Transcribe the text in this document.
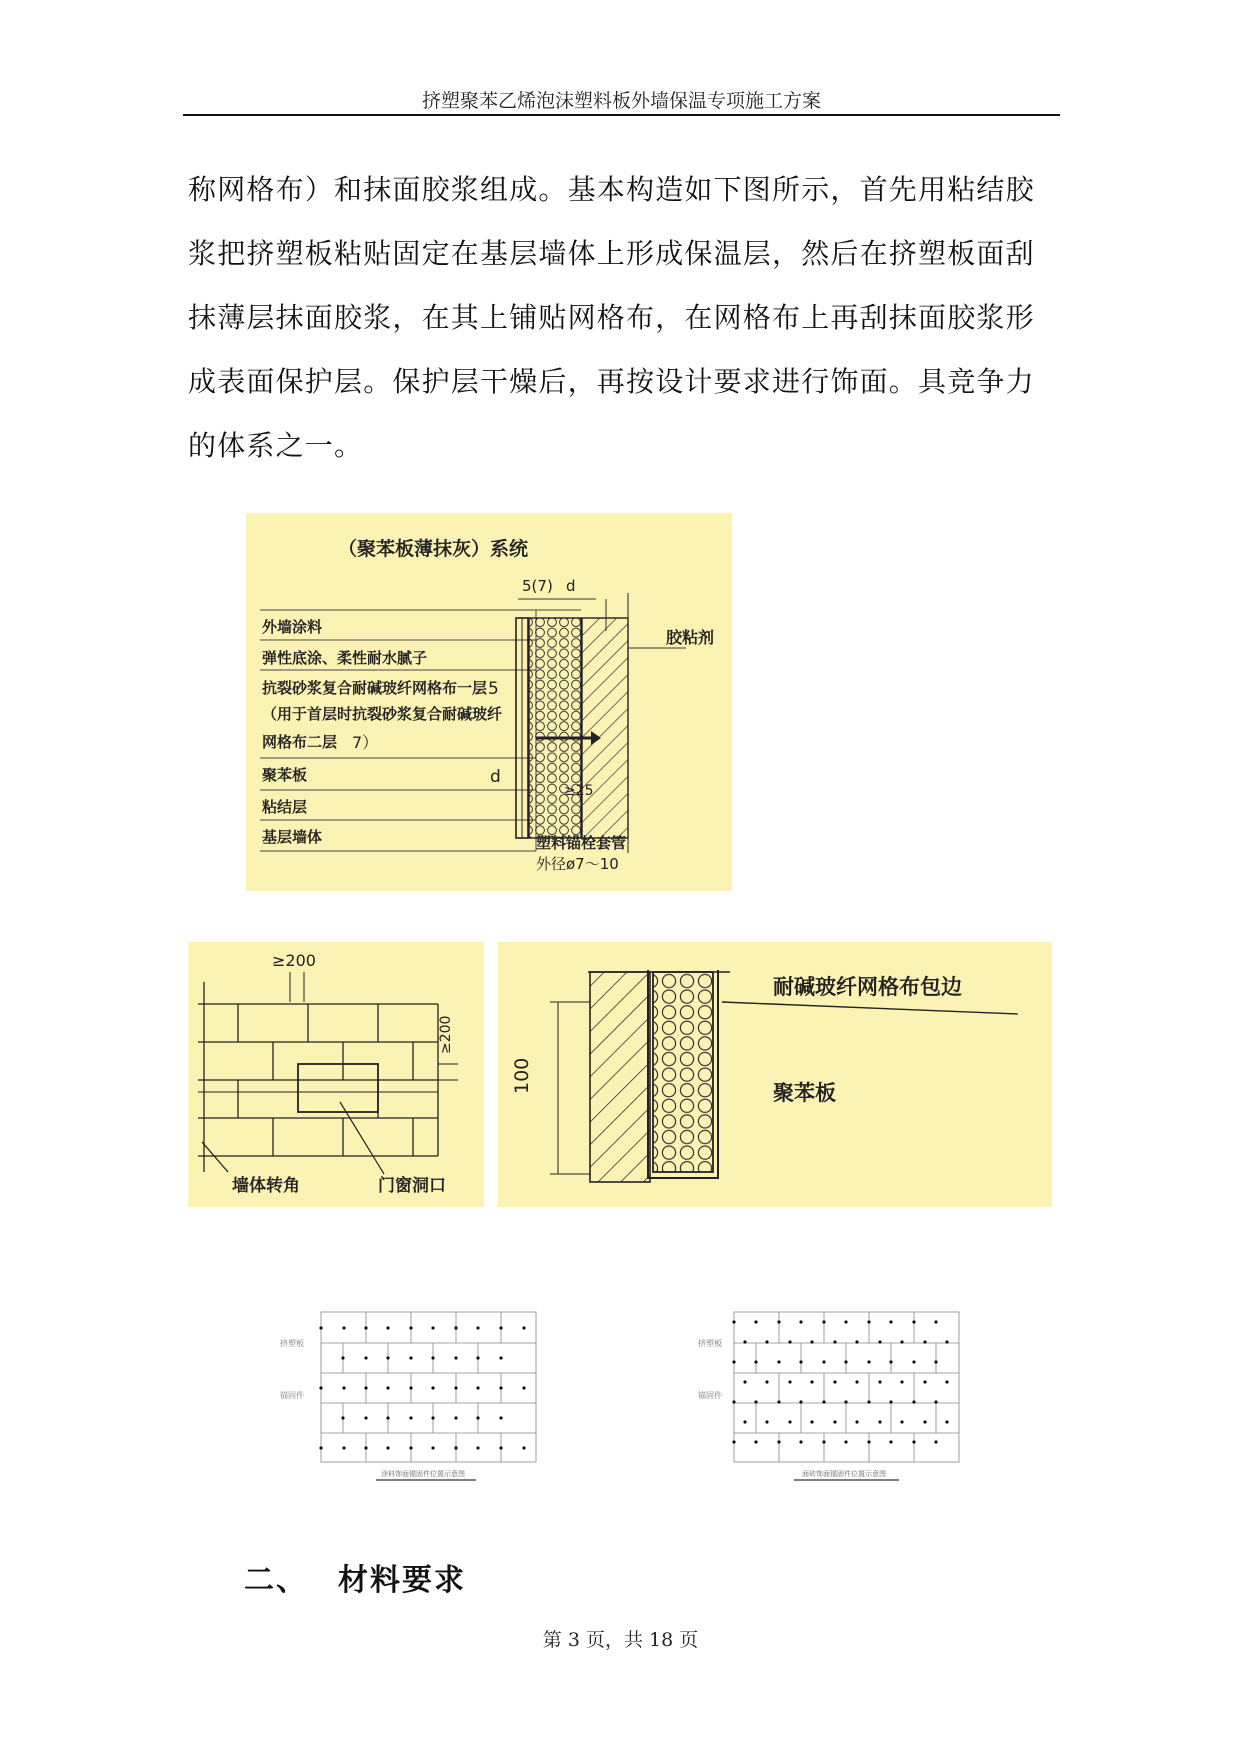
挤塑聚苯乙烯泡沫塑料板外墙保温专项施工方案

称网格布）和抹面胶浆组成。基本构造如下图所示，首先用粘结胶浆把挤塑板粘贴固定在基层墙体上形成保温层，然后在挤塑板面刮抹薄层抹面胶浆，在其上铺贴网格布，在网格布上再刮抹面胶浆形成表面保护层。保护层干燥后，再按设计要求进行饰面。具竞争力的体系之一。

（聚苯板薄抹灰）系统
外墙涂料
弹性底涂、柔性耐水腻子
抗裂砂浆复合耐碱玻纤网格布一层 5
（用于首层时抗裂砂浆复合耐碱玻纤
网格布二层 7）
聚苯板	d
粘结层
基层墙体
5(7) d
胶粘剂
≥25
塑料锚栓套管
外径ø7～10
≥200
≥200
墙体转角	门窗洞口
100
耐碱玻纤网格布包边
聚苯板
挤塑板
锚固件
涂料饰面锚固件位置示意图
挤塑板
锚固件
面砖饰面锚固件位置示意图
二、 材料要求
第 3 页，共 18 页
